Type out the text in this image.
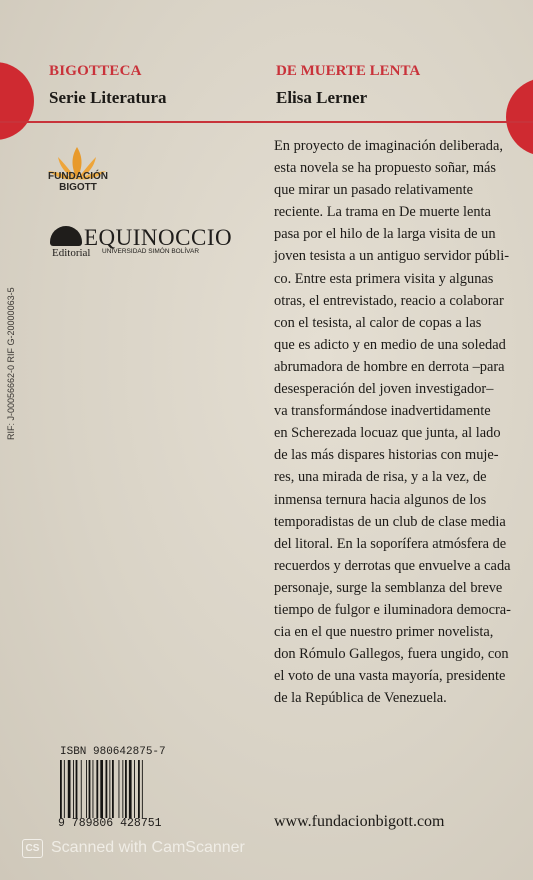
BIGOTTECA
Serie Literatura
DE MUERTE LENTA
Elisa Lerner
FUNDACIÓN BIGOTT
Editorial
EQUINOCCIO
UNIVERSIDAD SIMÓN BOLÍVAR
RIF: J-00056662-0 RIF G-20000063-5

En proyecto de imaginación deliberada,

esta novela se ha propuesto soñar, más

que mirar un pasado relativamente

reciente. La trama en De muerte lenta

pasa por el hilo de la larga visita de un

joven tesista a un antiguo servidor públi-

co. Entre esta primera visita y algunas

otras, el entrevistado, reacio a colaborar

con el tesista, al calor de copas a las

que es adicto y en medio de una soledad

abrumadora de hombre en derrota –para

desesperación del joven investigador–

va transformándose inadvertidamente

en Scherezada locuaz que junta, al lado

de las más dispares historias con muje-

res, una mirada de risa, y a la vez, de

inmensa ternura hacia algunos de los

temporadistas de un club de clase media

del litoral. En la soporífera atmósfera de

recuerdos y derrotas que envuelve a cada

personaje, surge la semblanza del breve

tiempo de fulgor e iluminadora democra-

cia en el que nuestro primer novelista,

don Rómulo Gallegos, fuera ungido, con

el voto de una vasta mayoría, presidente

de la República de Venezuela.

ISBN 980642875-7
9 789806 428751	www.fundacionbigott.com
CS Scanned with CamScanner
